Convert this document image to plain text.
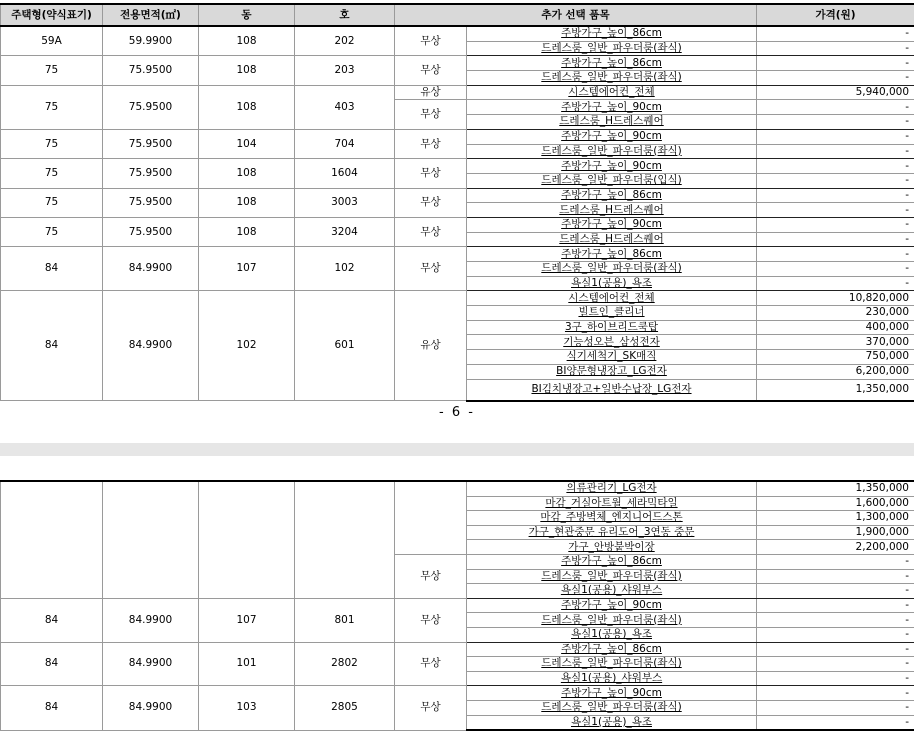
주택형(약식표기)	전용면적(㎡)	동	호	추가 선택 품목		가격(원)
59A	59.9900	108	202	무상	주방가구_높이_86cm	-
					드레스룸_일반_파우더룸(좌식)	-
75	75.9500	108	203	무상	주방가구_높이_86cm	-
					드레스룸_일반_파우더룸(좌식)	-
75	75.9500	108	403	유상	시스템에어컨_전체	5,940,000
				무상	주방가구_높이_90cm	-
					드레스룸_H드레스퀘어	-
75	75.9500	104	704	무상	주방가구_높이_90cm	-
					드레스룸_일반_파우더룸(좌식)	-
75	75.9500	108	1604	무상	주방가구_높이_90cm	-
					드레스룸_일반_파우더룸(입식)	-
75	75.9500	108	3003	무상	주방가구_높이_86cm	-
					드레스룸_H드레스퀘어	-
75	75.9500	108	3204	무상	주방가구_높이_90cm	-
					드레스룸_H드레스퀘어	-
84	84.9900	107	102	무상	주방가구_높이_86cm	-
					드레스룸_일반_파우더룸(좌식)	-
					욕실1(공용)_욕조	-
84	84.9900	102	601	유상	시스템에어컨_전체	10,820,000
					빌트인_클리너	230,000
					3구_하이브리드쿡탑	400,000
					기능성오븐_삼성전자	370,000
					식기세척기_SK매직	750,000
					BI양문형냉장고_LG전자	6,200,000
					BI김치냉장고+일반수납장_LG전자	1,350,000
- 6 -
					의류관리기_LG전자	1,350,000
					마감_거실아트월_세라믹타일	1,600,000
					마감_주방벽체_엔지니어드스톤	1,300,000
					가구_현관중문 유리도어_3연동 중문	1,900,000
					가구_안방붙박이장	2,200,000
				무상	주방가구_높이_86cm	-
					드레스룸_일반_파우더룸(좌식)	-
					욕실1(공용)_샤워부스	-
84	84.9900	107	801	무상	주방가구_높이_90cm	-
					드레스룸_일반_파우더룸(좌식)	-
					욕실1(공용)_욕조	-
84	84.9900	101	2802	무상	주방가구_높이_86cm	-
					드레스룸_일반_파우더룸(좌식)	-
					욕실1(공용)_샤워부스	-
84	84.9900	103	2805	무상	주방가구_높이_90cm	-
					드레스룸_일반_파우더룸(좌식)	-
					욕실1(공용)_욕조	-
